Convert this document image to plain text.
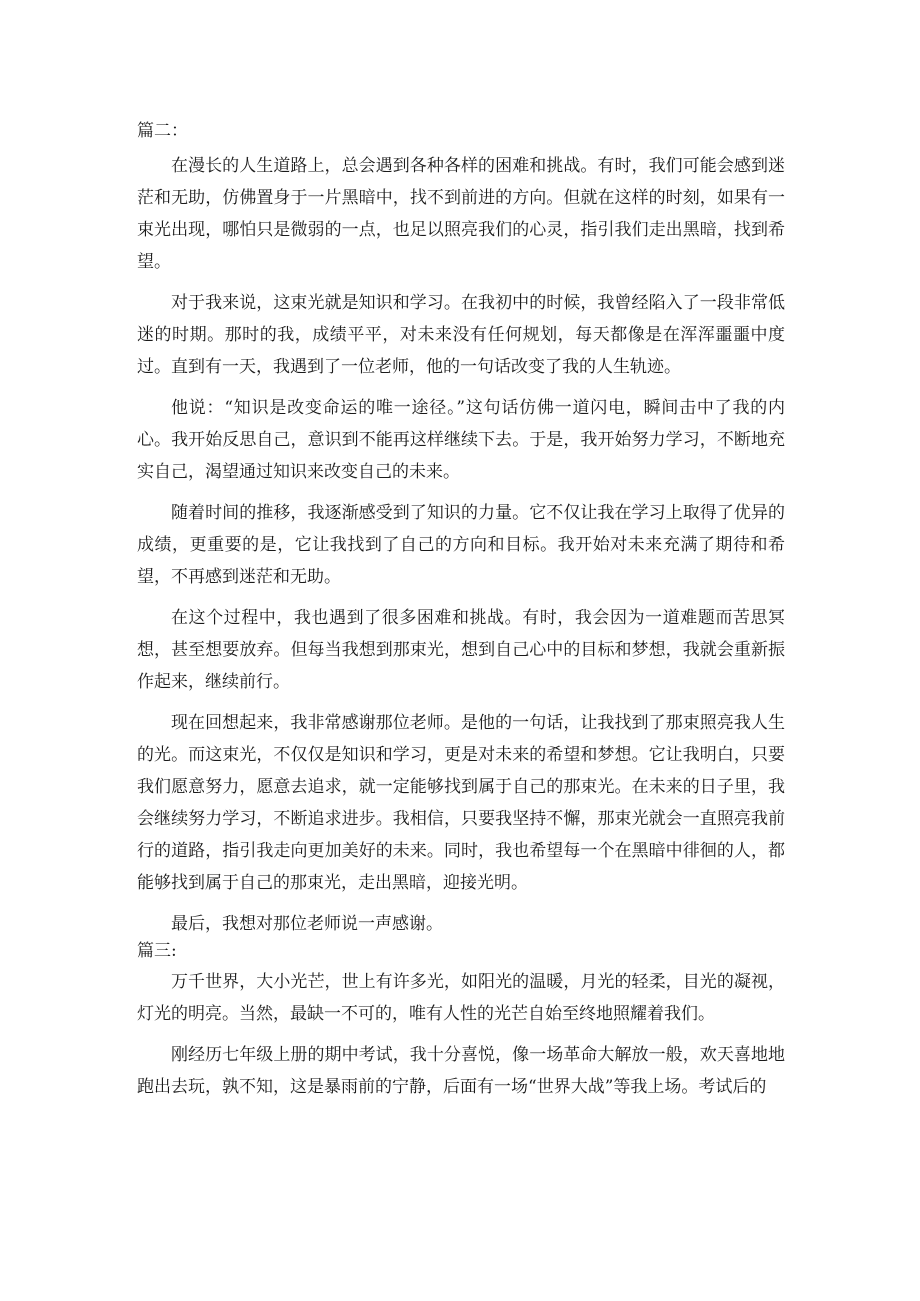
篇二：

在漫长的人生道路上，总会遇到各种各样的困难和挑战。有时，我们可能会感到迷茫和无助，仿佛置身于一片黑暗中，找不到前进的方向。但就在这样的时刻，如果有一束光出现，哪怕只是微弱的一点，也足以照亮我们的心灵，指引我们走出黑暗，找到希望。

对于我来说，这束光就是知识和学习。在我初中的时候，我曾经陷入了一段非常低迷的时期。那时的我，成绩平平，对未来没有任何规划，每天都像是在浑浑噩噩中度过。直到有一天，我遇到了一位老师，他的一句话改变了我的人生轨迹。

他说：“知识是改变命运的唯一途径。”这句话仿佛一道闪电，瞬间击中了我的内心。我开始反思自己，意识到不能再这样继续下去。于是，我开始努力学习，不断地充实自己，渴望通过知识来改变自己的未来。

随着时间的推移，我逐渐感受到了知识的力量。它不仅让我在学习上取得了优异的成绩，更重要的是，它让我找到了自己的方向和目标。我开始对未来充满了期待和希望，不再感到迷茫和无助。

在这个过程中，我也遇到了很多困难和挑战。有时，我会因为一道难题而苦思冥想，甚至想要放弃。但每当我想到那束光，想到自己心中的目标和梦想，我就会重新振作起来，继续前行。

现在回想起来，我非常感谢那位老师。是他的一句话，让我找到了那束照亮我人生的光。而这束光，不仅仅是知识和学习，更是对未来的希望和梦想。它让我明白，只要我们愿意努力，愿意去追求，就一定能够找到属于自己的那束光。在未来的日子里，我会继续努力学习，不断追求进步。我相信，只要我坚持不懈，那束光就会一直照亮我前行的道路，指引我走向更加美好的未来。同时，我也希望每一个在黑暗中徘徊的人，都能够找到属于自己的那束光，走出黑暗，迎接光明。

最后，我想对那位老师说一声感谢。

篇三:

万千世界，大小光芒，世上有许多光，如阳光的温暖，月光的轻柔，目光的凝视，灯光的明亮。当然，最缺一不可的，唯有人性的光芒自始至终地照耀着我们。

刚经历七年级上册的期中考试，我十分喜悦，像一场革命大解放一般，欢天喜地地跑出去玩，孰不知，这是暴雨前的宁静，后面有一场“世界大战”等我上场。考试后的
